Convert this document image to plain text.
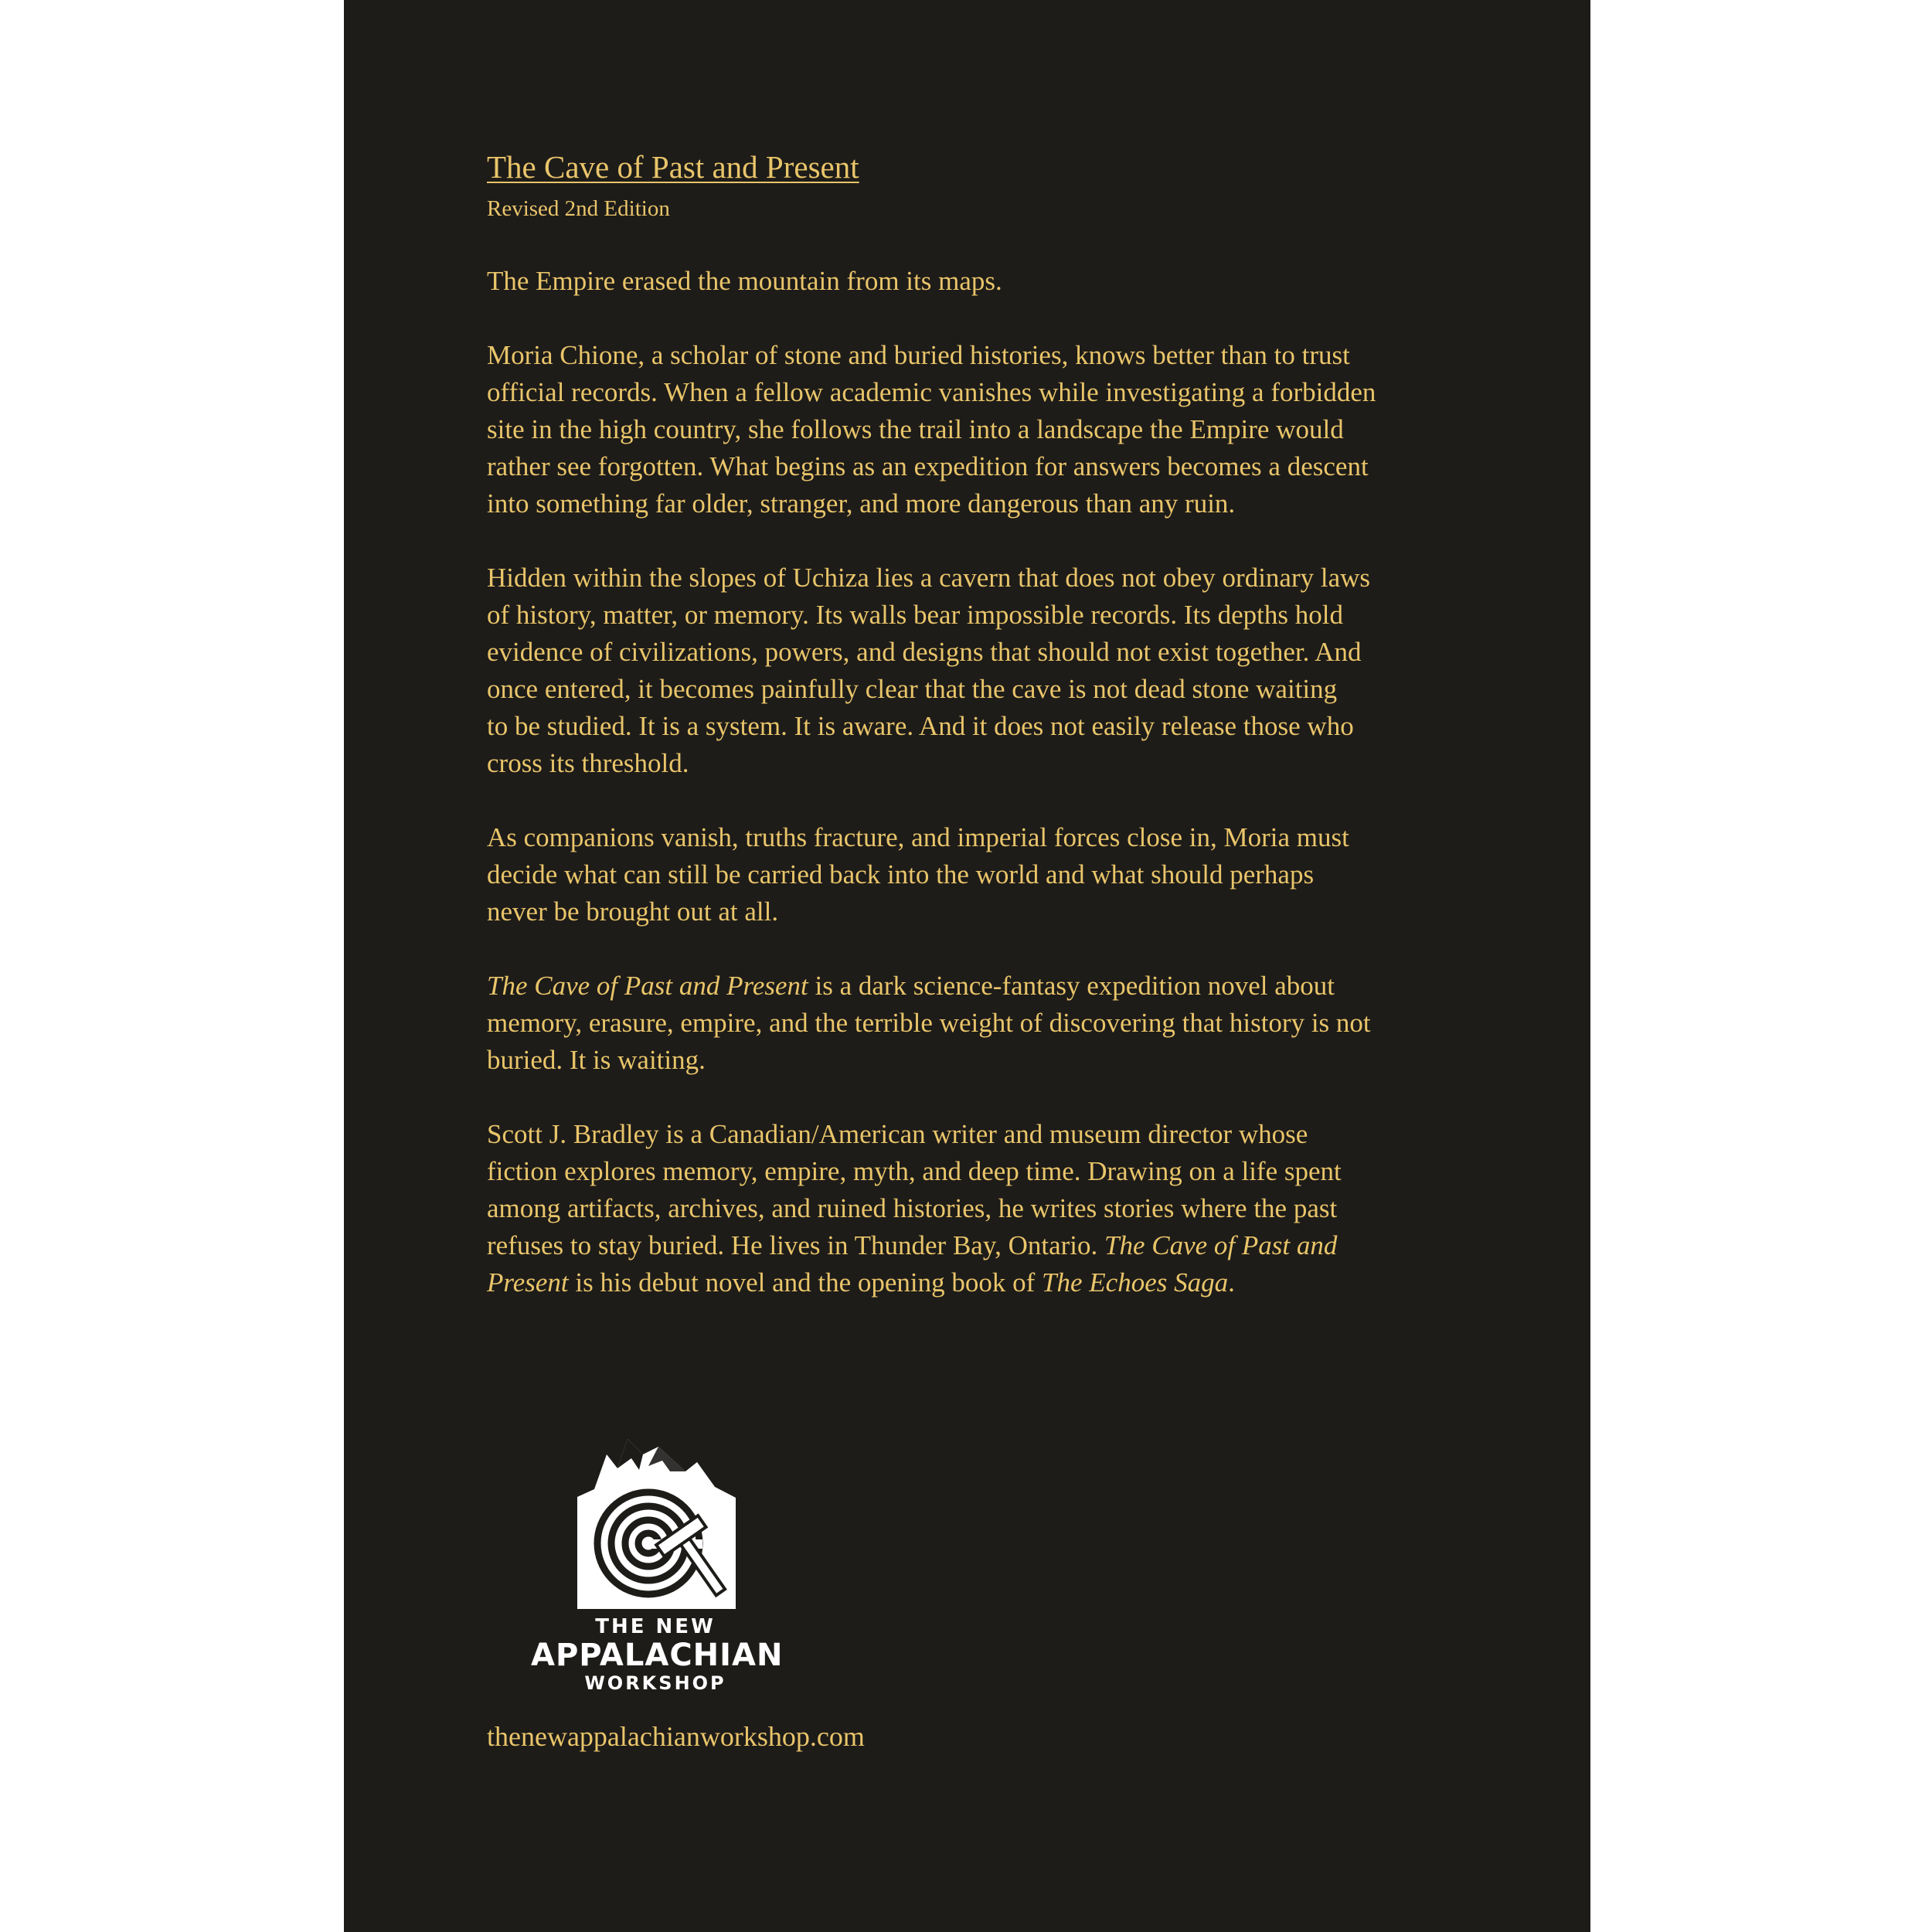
The Cave of Past and Present

Revised 2nd Edition

The Empire erased the mountain from its maps.

Moria Chione, a scholar of stone and buried histories, knows better than to trust
official records. When a fellow academic vanishes while investigating a forbidden
site in the high country, she follows the trail into a landscape the Empire would
rather see forgotten. What begins as an expedition for answers becomes a descent
into something far older, stranger, and more dangerous than any ruin.

Hidden within the slopes of Uchiza lies a cavern that does not obey ordinary laws
of history, matter, or memory. Its walls bear impossible records. Its depths hold
evidence of civilizations, powers, and designs that should not exist together. And
once entered, it becomes painfully clear that the cave is not dead stone waiting
to be studied. It is a system. It is aware. And it does not easily release those who
cross its threshold.

As companions vanish, truths fracture, and imperial forces close in, Moria must
decide what can still be carried back into the world and what should perhaps
never be brought out at all.

The Cave of Past and Present is a dark science-fantasy expedition novel about
memory, erasure, empire, and the terrible weight of discovering that history is not
buried. It is waiting.

Scott J. Bradley is a Canadian/American writer and museum director whose
fiction explores memory, empire, myth, and deep time. Drawing on a life spent
among artifacts, archives, and ruined histories, he writes stories where the past
refuses to stay buried. He lives in Thunder Bay, Ontario. The Cave of Past and
Present is his debut novel and the opening book of The Echoes Saga.

THE NEW

APPALACHIAN

WORKSHOP

thenewappalachianworkshop.com
